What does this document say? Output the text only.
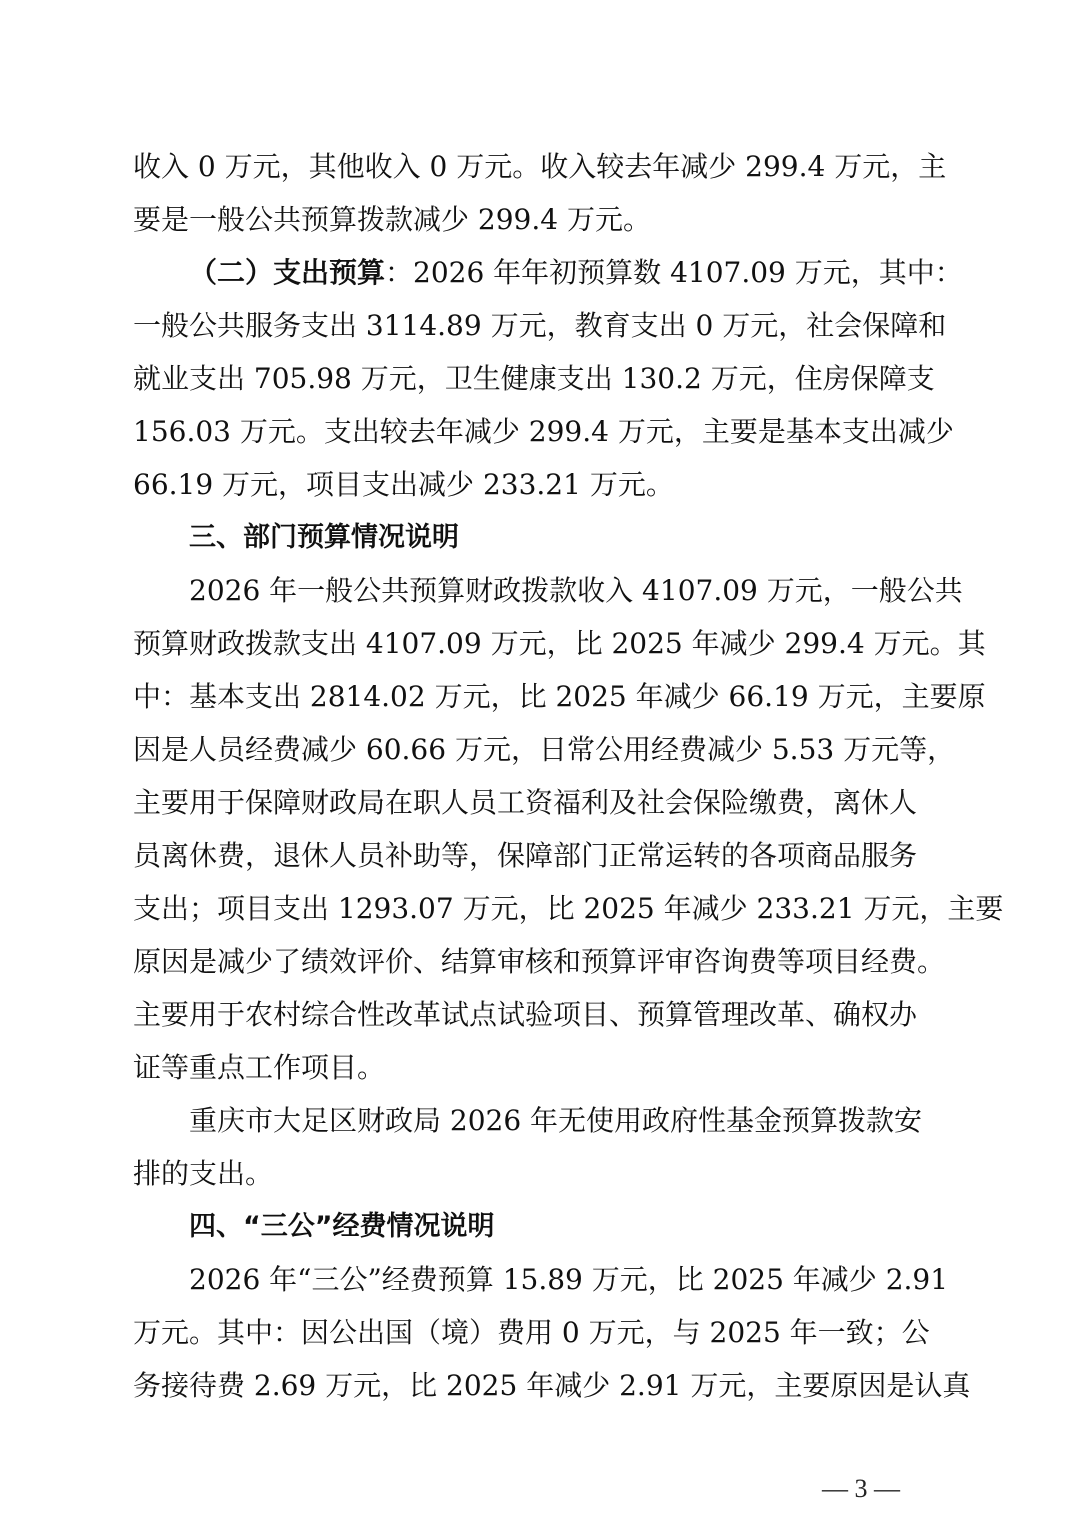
收入 0 万元，其他收入 0 万元。收入较去年减少 299.4 万元，主
要是一般公共预算拨款减少 299.4 万元。
（二）支出预算：2026 年年初预算数 4107.09 万元，其中：
一般公共服务支出 3114.89 万元，教育支出 0 万元，社会保障和
就业支出 705.98 万元，卫生健康支出 130.2 万元，住房保障支
156.03 万元。支出较去年减少 299.4 万元，主要是基本支出减少
66.19 万元，项目支出减少 233.21 万元。
三、部门预算情况说明
2026 年一般公共预算财政拨款收入 4107.09 万元，一般公共
预算财政拨款支出 4107.09 万元，比 2025 年减少 299.4 万元。其
中：基本支出 2814.02 万元，比 2025 年减少 66.19 万元，主要原
因是人员经费减少 60.66 万元，日常公用经费减少 5.53 万元等，
主要用于保障财政局在职人员工资福利及社会保险缴费，离休人
员离休费，退休人员补助等，保障部门正常运转的各项商品服务
支出；项目支出 1293.07 万元，比 2025 年减少 233.21 万元，主要
原因是减少了绩效评价、结算审核和预算评审咨询费等项目经费。
主要用于农村综合性改革试点试验项目、预算管理改革、确权办
证等重点工作项目。
重庆市大足区财政局 2026 年无使用政府性基金预算拨款安
排的支出。
四、“三公”经费情况说明
2026 年“三公”经费预算 15.89 万元，比 2025 年减少 2.91
万元。其中：因公出国（境）费用 0 万元，与 2025 年一致；公
务接待费 2.69 万元，比 2025 年减少 2.91 万元，主要原因是认真
— 3 —
